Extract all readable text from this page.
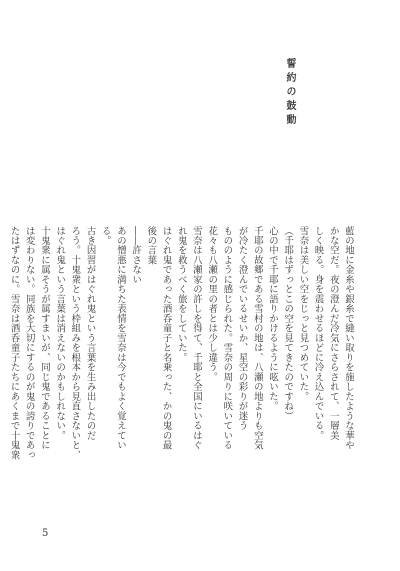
誓約の鼓動
藍の地に金糸や銀糸で縫い取りを施したような華や
かな空だ。夜の澄んだ冷気にさらされて、一層美
しく映る。身を震わせるほどに冷え込んでいる。
雪奈は美しい空をじっと見つめていた。
（千耶はずっとこの空を見てきたのですね）
心の中で千耶に語りかけるように呟いた。
千耶の故郷である雪村の地は、八瀬の地よりも空気
が冷たく澄んでいるせいか、星空の彩りが迷う
もののように感じられた。雪奈の周りに咲いている
花々も八瀬の里の者とは少し違う。
雪奈は八瀬家の許しを得て、千耶と全国にいるはぐ
れ鬼を救うべく旅をしていた。
はぐれ鬼であった酒呑童子と名乗った、かの鬼の最
後の言葉
――許さない
あの憎悪に満ちた表情を雪奈は今でもよく覚えてい
る。
古き因習がはぐれ鬼という言葉を生み出したのだ
ろう。十鬼衆という枠組みを根本から見直さないと、
はぐれ鬼という言葉は消えないのかもしれない。
十鬼衆に属そうが属すまいが、同じ鬼であることに
は変わりない。同族を大切にするのが鬼の誇りであっ
たはずなのに。雪奈は酒呑童子たちにあくまで十鬼衆
5
